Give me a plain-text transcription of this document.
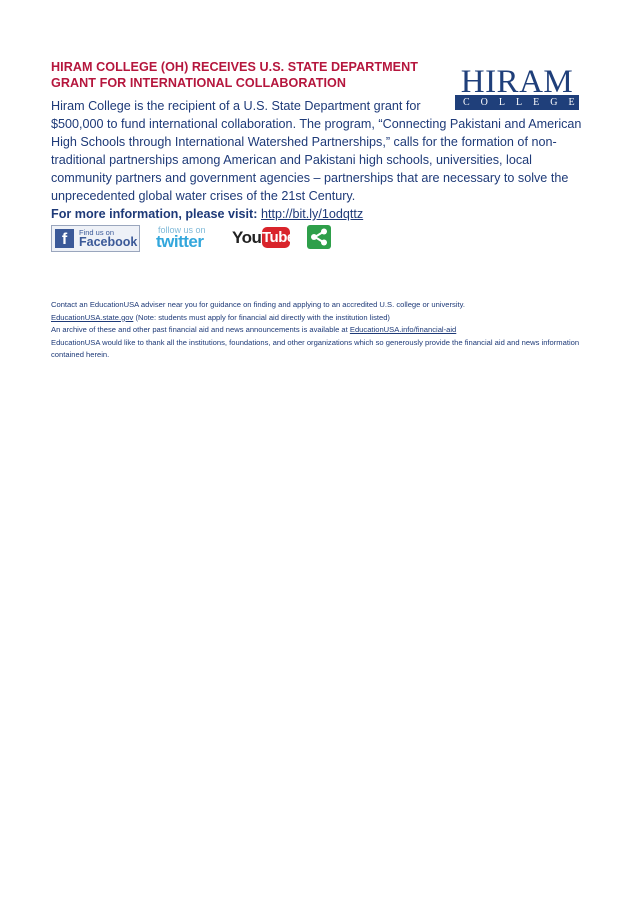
HIRAM
COLLEGE
HIRAM COLLEGE (OH) RECEIVES U.S. STATE DEPARTMENT
GRANT FOR INTERNATIONAL COLLABORATION

Hiram College is the recipient of a U.S. State Department grant for
$500,000 to fund international collaboration. The program, “Connecting Pakistani and American High Schools through International Watershed Partnerships,” calls for the formation of non-traditional partnerships among American and Pakistani high schools, universities, local community partners and government agencies – partnerships that are necessary to solve the unprecedented global water crises of the 21st Century.
For more information, please visit: http://bit.ly/1odqttz

f	Find us on
Facebook
follow us on
twitter You Tube

Contact an EducationUSA adviser near you for guidance on finding and applying to an accredited U.S. college or university.

EducationUSA.state.gov (Note: students must apply for financial aid directly with the institution listed)

An archive of these and other past financial aid and news announcements is available at EducationUSA.info/financial-aid

EducationUSA would like to thank all the institutions, foundations, and other organizations which so generously provide the financial aid and news information contained herein.
